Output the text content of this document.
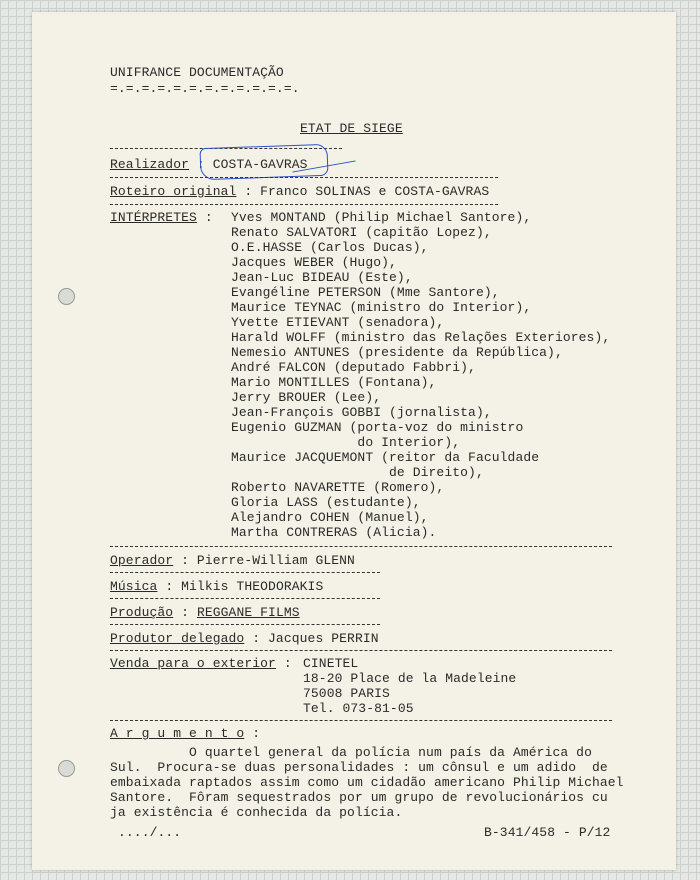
UNIFRANCE DOCUMENTAÇÃO
=.=.=.=.=.=.=.=.=.=.=.=.
ETAT DE SIEGE
Realizador : COSTA-GAVRAS
Roteiro original : Franco SOLINAS e COSTA-GAVRAS
INTÉRPRETES : Yves MONTAND (Philip Michael Santore),
Renato SALVATORI (capitão Lopez),
O.E.HASSE (Carlos Ducas),
Jacques WEBER (Hugo),
Jean-Luc BIDEAU (Este),
Evangéline PETERSON (Mme Santore),
Maurice TEYNAC (ministro do Interior),
Yvette ETIEVANT (senadora),
Harald WOLFF (ministro das Relações Exteriores),
Nemesio ANTUNES (presidente da República),
André FALCON (deputado Fabbri),
Mario MONTILLES (Fontana),
Jerry BROUER (Lee),
Jean-François GOBBI (jornalista),
Eugenio GUZMAN (porta-voz do ministro
do Interior),
Maurice JACQUEMONT (reitor da Faculdade
de Direito),
Roberto NAVARETTE (Romero),
Gloria LASS (estudante),
Alejandro COHEN (Manuel),
Martha CONTRERAS (Alicia).
Operador : Pierre-William GLENN
Música : Milkis THEODORAKIS
Produção : REGGANE FILMS
Produtor delegado : Jacques PERRIN
Venda para o exterior : CINETEL
18-20 Place de la Madeleine
75008 PARIS
Tel. 073-81-05
A r g u m e n t o :
O quartel general da polícia num país da América do
Sul.  Procura-se duas personalidades : um cônsul e um adido  de
embaixada raptados assim como um cidadão americano Philip Michael
Santore.  Fôram sequestrados por um grupo de revolucionários cu
ja existência é conhecida da polícia.
..../...	B-341/458 - P/12
